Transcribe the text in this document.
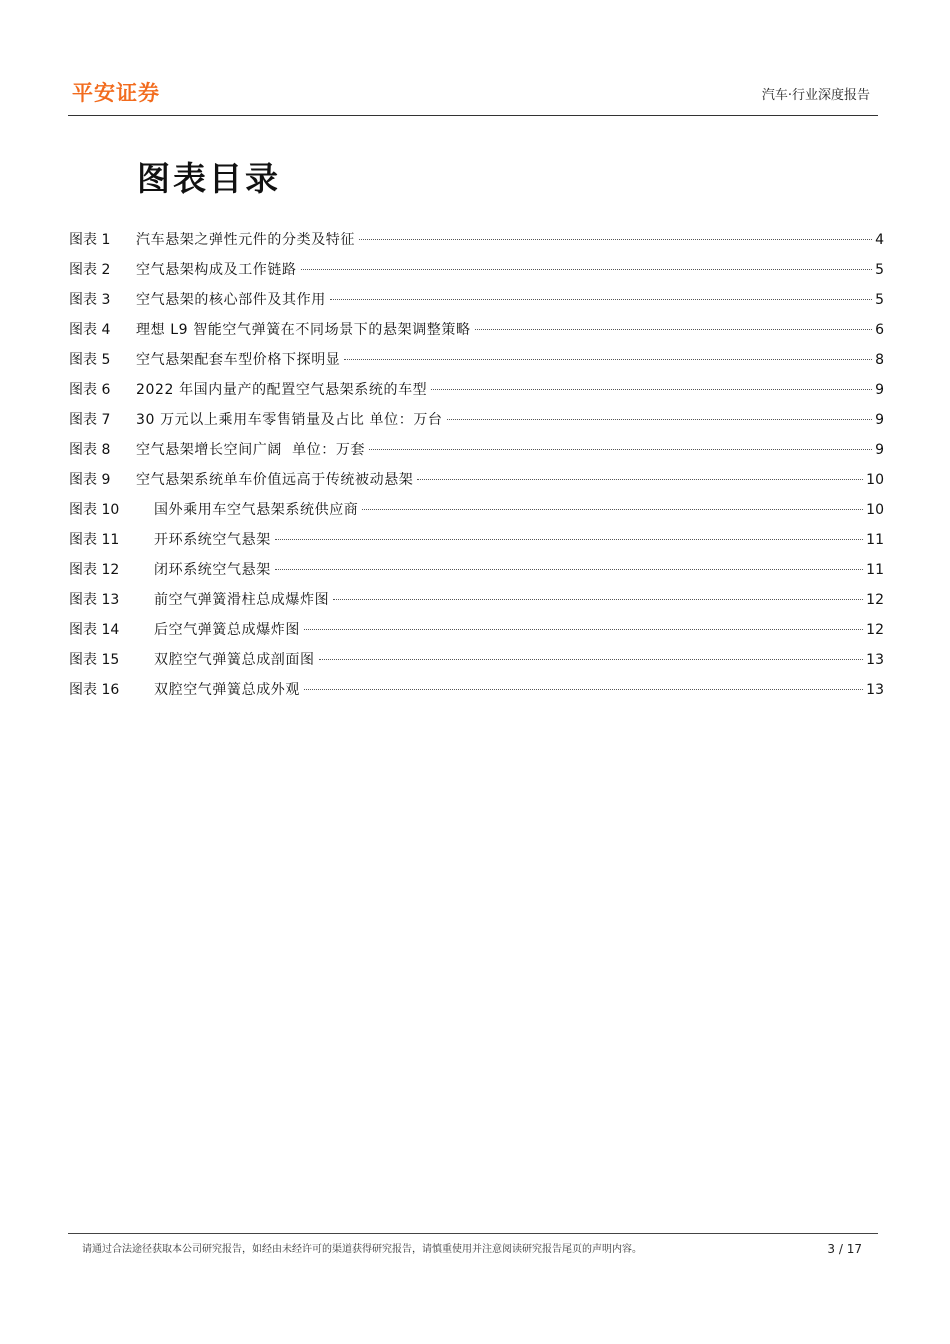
平安证券	汽车·行业深度报告
图表目录
图表 1	汽车悬架之弹性元件的分类及特征	4
图表 2	空气悬架构成及工作链路	5
图表 3	空气悬架的核心部件及其作用	5
图表 4	理想 L9 智能空气弹簧在不同场景下的悬架调整策略	6
图表 5	空气悬架配套车型价格下探明显	8
图表 6	2022 年国内量产的配置空气悬架系统的车型	9
图表 7	30 万元以上乘用车零售销量及占比 单位：万台	9
图表 8	空气悬架增长空间广阔  单位：万套	9
图表 9	空气悬架系统单车价值远高于传统被动悬架	10
图表 10	国外乘用车空气悬架系统供应商	10
图表 11	开环系统空气悬架	11
图表 12	闭环系统空气悬架	11
图表 13	前空气弹簧滑柱总成爆炸图	12
图表 14	后空气弹簧总成爆炸图	12
图表 15	双腔空气弹簧总成剖面图	13
图表 16	双腔空气弹簧总成外观	13
请通过合法途径获取本公司研究报告，如经由未经许可的渠道获得研究报告，请慎重使用并注意阅读研究报告尾页的声明内容。	3 / 17
